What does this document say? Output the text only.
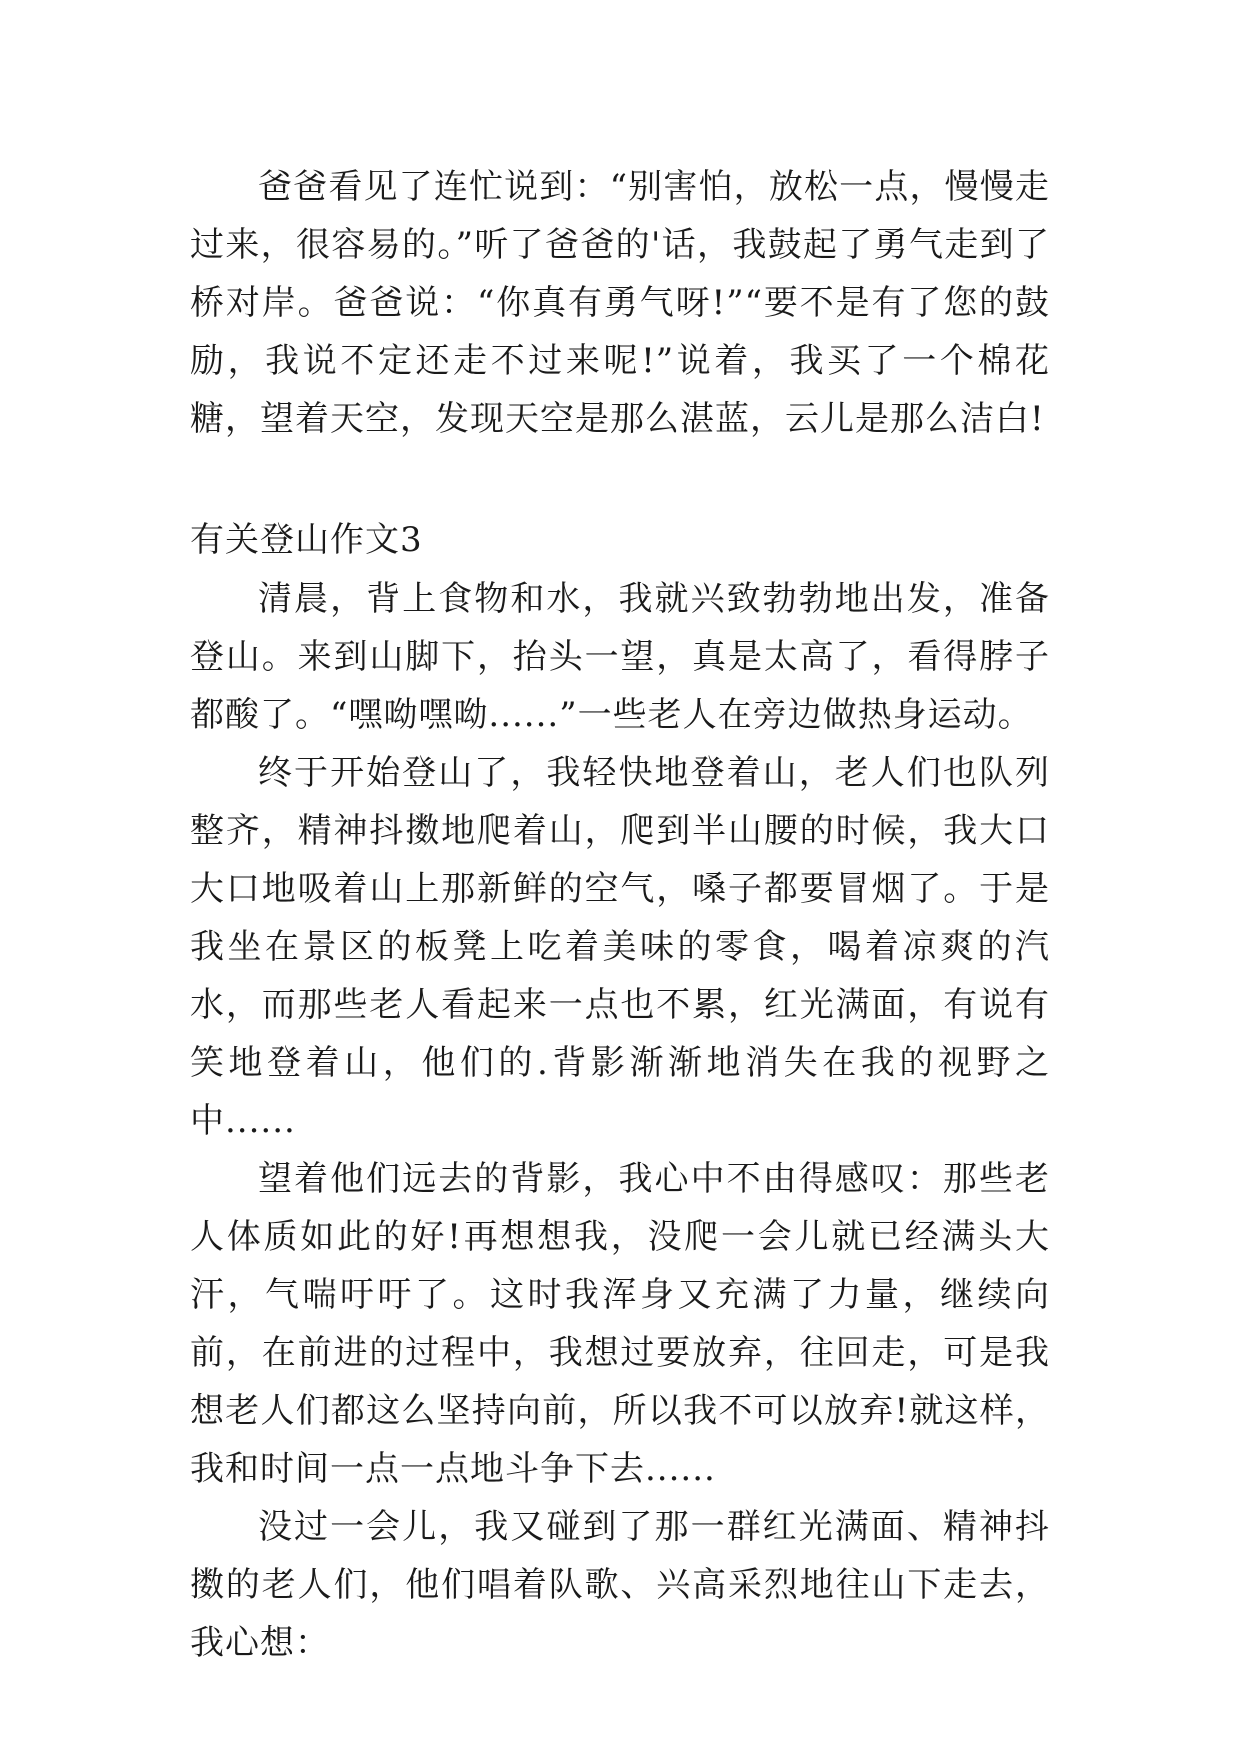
爸爸看见了连忙说到：“别害怕，放松一点，慢慢走过来，很容易的。”听了爸爸的'话，我鼓起了勇气走到了桥对岸。爸爸说：“你真有勇气呀!”“要不是有了您的鼓励，我说不定还走不过来呢!”说着，我买了一个棉花糖，望着天空，发现天空是那么湛蓝，云儿是那么洁白!

有关登山作文3

清晨，背上食物和水，我就兴致勃勃地出发，准备登山。来到山脚下，抬头一望，真是太高了，看得脖子都酸了。“嘿呦嘿呦......”一些老人在旁边做热身运动。

终于开始登山了，我轻快地登着山，老人们也队列整齐，精神抖擞地爬着山，爬到半山腰的时候，我大口大口地吸着山上那新鲜的空气，嗓子都要冒烟了。于是我坐在景区的板凳上吃着美味的零食，喝着凉爽的汽水，而那些老人看起来一点也不累，红光满面，有说有笑地登着山，他们的.背影渐渐地消失在我的视野之中......

望着他们远去的背影，我心中不由得感叹：那些老人体质如此的好!再想想我，没爬一会儿就已经满头大汗，气喘吁吁了。这时我浑身又充满了力量，继续向前，在前进的过程中，我想过要放弃，往回走，可是我想老人们都这么坚持向前，所以我不可以放弃!就这样，我和时间一点一点地斗争下去......

没过一会儿，我又碰到了那一群红光满面、精神抖擞的老人们，他们唱着队歌、兴高采烈地往山下走去，我心想：
